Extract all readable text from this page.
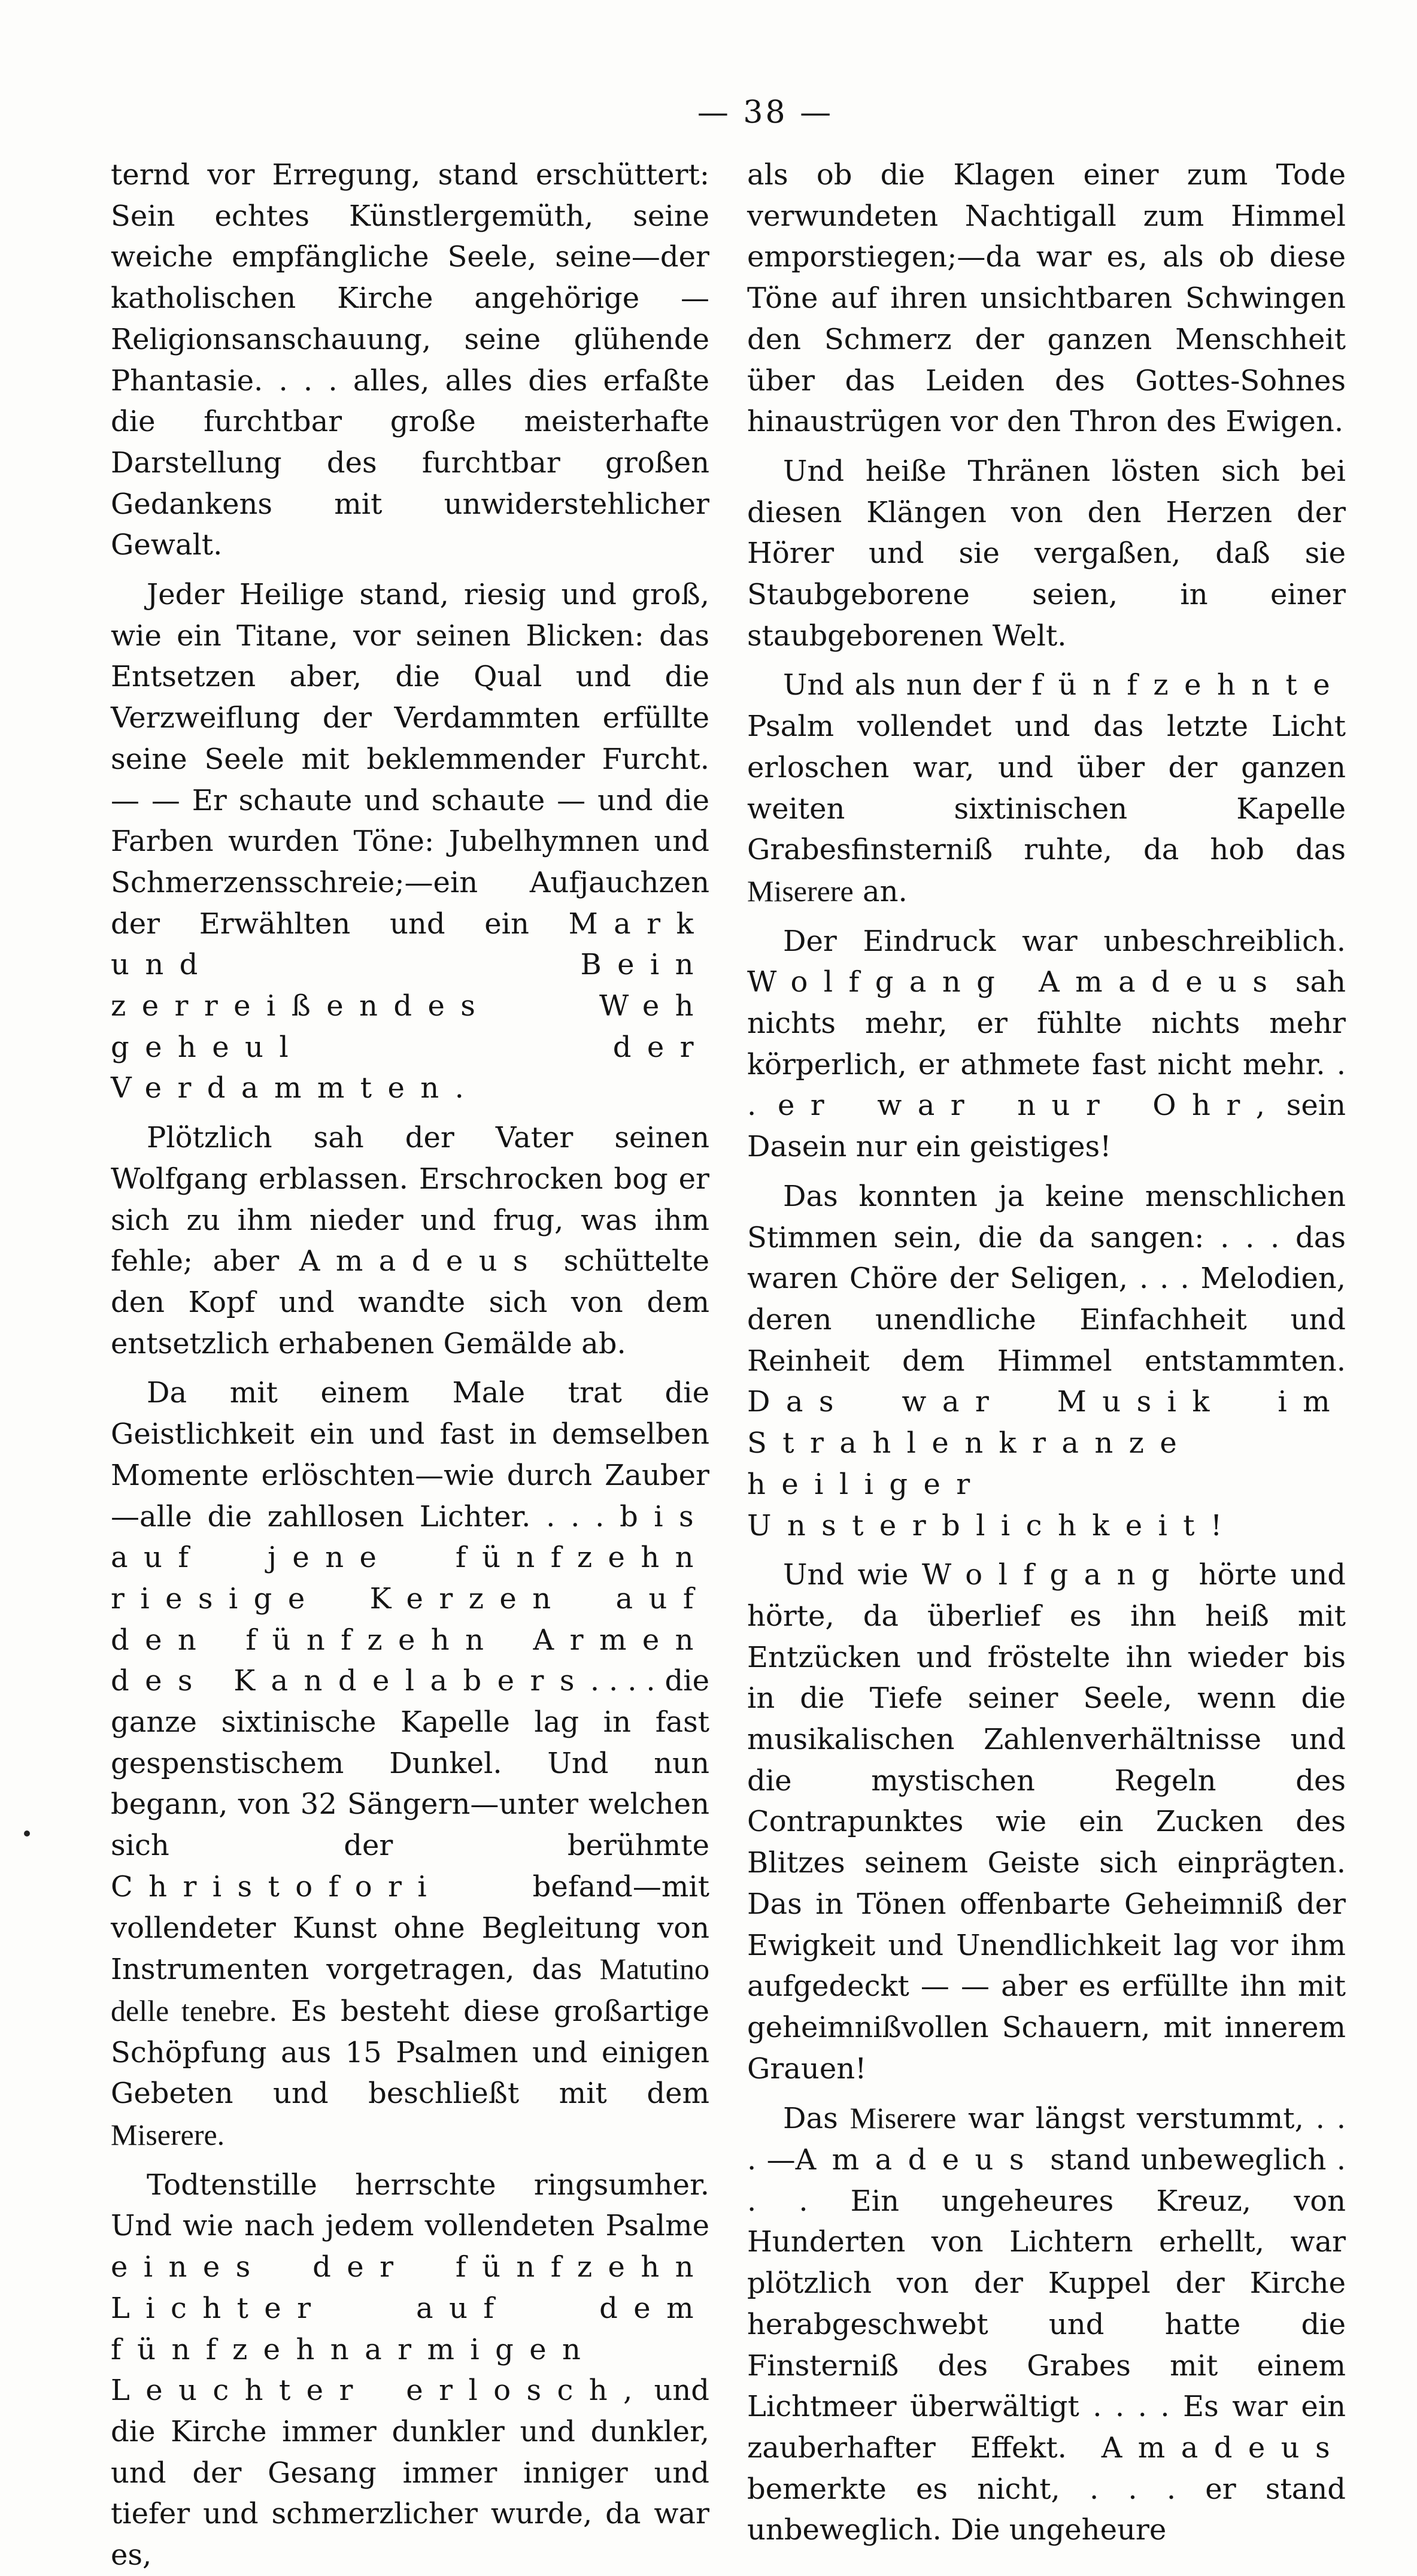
— 38 —

ternd vor Erregung, stand erschüttert: Sein echtes Künstlergemüth, seine weiche empfängliche Seele, seine—der katholischen Kirche angehörige — Religionsanschauung, seine glühende Phantasie. . . . alles, alles dies erfaßte die furchtbar große meisterhafte Darstellung des furchtbar großen Gedankens mit unwiderstehlicher Gewalt.

Jeder Heilige stand, riesig und groß, wie ein Titane, vor seinen Blicken: das Entsetzen aber, die Qual und die Verzweiflung der Verdammten erfüllte seine Seele mit beklemmender Furcht. — — Er schaute und schaute — und die Farben wurden Töne: Jubelhymnen und Schmerzensschreie;—ein Aufjauchzen der Erwählten und ein Mark und Bein zerreißendes Weh geheul der Verdammten.

Plötzlich sah der Vater seinen Wolfgang erblassen. Erschrocken bog er sich zu ihm nieder und frug, was ihm fehle; aber Amadeus schüttelte den Kopf und wandte sich von dem entsetzlich erhabenen Gemälde ab.

Da mit einem Male trat die Geistlichkeit ein und fast in demselben Momente erlöschten—wie durch Zauber—alle die zahllosen Lichter. . . . bis auf jene fünfzehn riesige Kerzen auf den fünfzehn Armen des Kandelabers. . . . die ganze sixtinische Kapelle lag in fast gespenstischem Dunkel. Und nun begann, von 32 Sängern—unter welchen sich der berühmte Christofori befand—mit vollendeter Kunst ohne Begleitung von Instrumenten vorgetragen, das Matutino delle tenebre. Es besteht diese großartige Schöpfung aus 15 Psalmen und einigen Gebeten und beschließt mit dem Miserere.

Todtenstille herrschte ringsumher. Und wie nach jedem vollendeten Psalme eines der fünfzehn Lichter auf dem fünfzehnarmigen Leuchter erlosch, und die Kirche immer dunkler und dunkler, und der Gesang immer inniger und tiefer und schmerzlicher wurde, da war es,

als ob die Klagen einer zum Tode verwundeten Nachtigall zum Himmel emporstiegen;—da war es, als ob diese Töne auf ihren unsichtbaren Schwingen den Schmerz der ganzen Menschheit über das Leiden des Gottes-Sohnes hinaustrügen vor den Thron des Ewigen.

Und heiße Thränen lösten sich bei diesen Klängen von den Herzen der Hörer und sie vergaßen, daß sie Staubgeborene seien, in einer staubgeborenen Welt.

Und als nun der fünfzehnte Psalm vollendet und das letzte Licht erloschen war, und über der ganzen weiten sixtinischen Kapelle Grabesfinsterniß ruhte, da hob das Miserere an.

Der Eindruck war unbeschreiblich. Wolfgang Amadeus sah nichts mehr, er fühlte nichts mehr körperlich, er athmete fast nicht mehr. . . er war nur Ohr, sein Dasein nur ein geistiges!

Das konnten ja keine menschlichen Stimmen sein, die da sangen: . . . das waren Chöre der Seligen, . . . Melodien, deren unendliche Einfachheit und Reinheit dem Himmel entstammten. Das war Musik im Strahlenkranze heiliger Unsterblichkeit!

Und wie Wolfgang hörte und hörte, da überlief es ihn heiß mit Entzücken und fröstelte ihn wieder bis in die Tiefe seiner Seele, wenn die musikalischen Zahlenverhältnisse und die mystischen Regeln des Contrapunktes wie ein Zucken des Blitzes seinem Geiste sich einprägten. Das in Tönen offenbarte Geheimniß der Ewigkeit und Unendlichkeit lag vor ihm aufgedeckt — — aber es erfüllte ihn mit geheimnißvollen Schauern, mit innerem Grauen!

Das Miserere war längst verstummt, . . . —Amadeus stand unbeweglich . . . Ein ungeheures Kreuz, von Hunderten von Lichtern erhellt, war plötzlich von der Kuppel der Kirche herabgeschwebt und hatte die Finsterniß des Grabes mit einem Lichtmeer überwältigt . . . . Es war ein zauberhafter Effekt. Amadeus bemerkte es nicht, . . . er stand unbeweglich. Die ungeheure
